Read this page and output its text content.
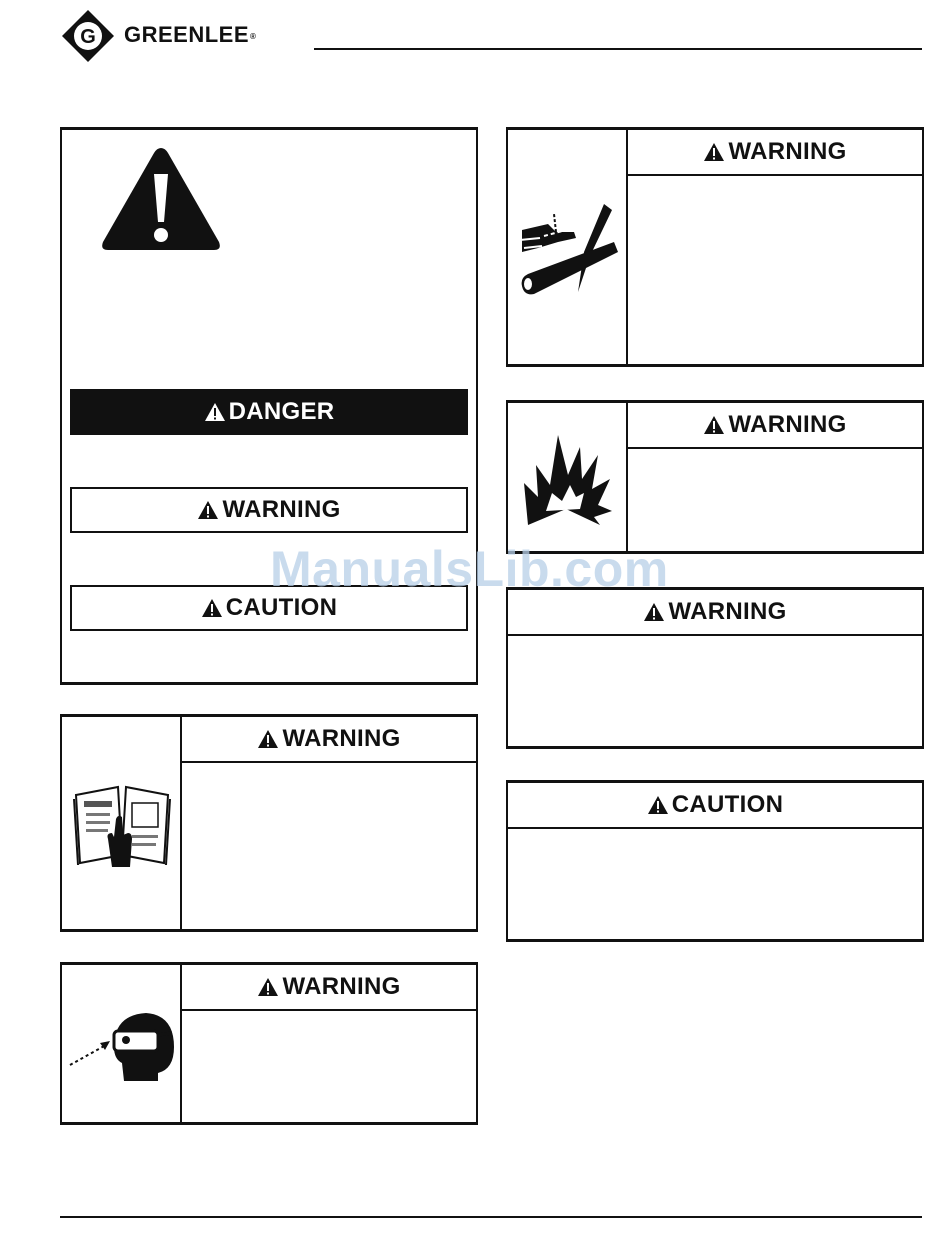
G GREENLEE®
DANGER
WARNING
CAUTION
WARNING
WARNING
WARNING
WARNING
WARNING
CAUTION
ManualsLib.com
